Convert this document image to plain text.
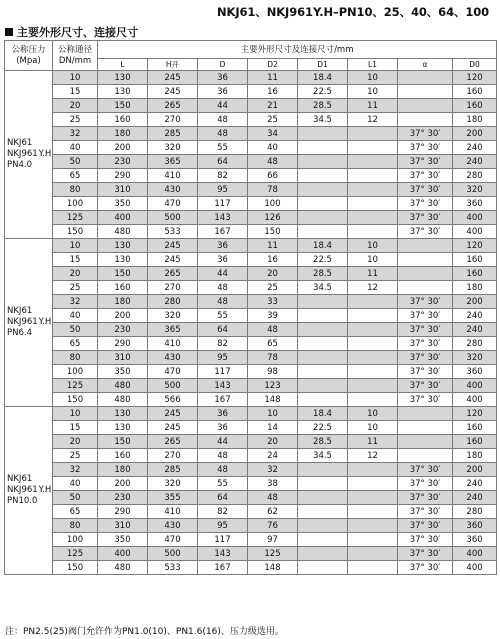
NKJ61、NKJ961Y.H–PN10、25、40、64、100
主要外形尺寸、连接尺寸
公称压力(Mpa)	公称通径DN/mm	主要外形尺寸及连接尺寸/mm							
		L	H开	D	D2	D1	L1	α	D0

NKJ61
NKJ961Y.H
PN4.0	10	130	245	36	11	18.4	10		120
	15	130	245	36	16	22.5	10		160
	20	150	265	44	21	28.5	11		160
	25	160	270	48	25	34.5	12		180
	32	180	285	48	34			37° 30′	200
	40	200	320	55	40			37° 30′	240
	50	230	365	64	48			37° 30′	240
	65	290	410	82	66			37° 30′	280
	80	310	430	95	78			37° 30′	320
	100	350	470	117	100			37° 30′	360
	125	400	500	143	126			37° 30′	400
	150	480	533	167	150			37° 30′	400

NKJ61
NKJ961Y.H
PN6.4	10	130	245	36	11	18.4	10		120
	15	130	245	36	16	22.5	10		160
	20	150	265	44	20	28.5	11		160
	25	160	270	48	25	34.5	12		180
	32	180	280	48	33			37° 30′	200
	40	200	320	55	39			37° 30′	240
	50	230	365	64	48			37° 30′	240
	65	290	410	82	65			37° 30′	280
	80	310	430	95	78			37° 30′	320
	100	350	470	117	98			37° 30′	360
	125	480	500	143	123			37° 30′	400
	150	480	566	167	148			37° 30′	400

NKJ61
NKJ961Y.H
PN10.0	10	130	245	36	10	18.4	10		120
	15	130	245	36	14	22.5	10		160
	20	150	265	44	20	28.5	11		160
	25	160	270	48	24	34.5	12		180
	32	180	285	48	32			37° 30′	200
	40	200	320	55	38			37° 30′	240
	50	230	355	64	48			37° 30′	240
	65	290	410	82	62			37° 30′	280
	80	310	430	95	76			37° 30′	360
	100	350	470	117	97			37° 30′	360
	125	400	500	143	125			37° 30′	400
	150	480	533	167	148			37° 30′	400
注：PN2.5(25)阀门允许作为PN1.0(10)、PN1.6(16)、压力级选用。
